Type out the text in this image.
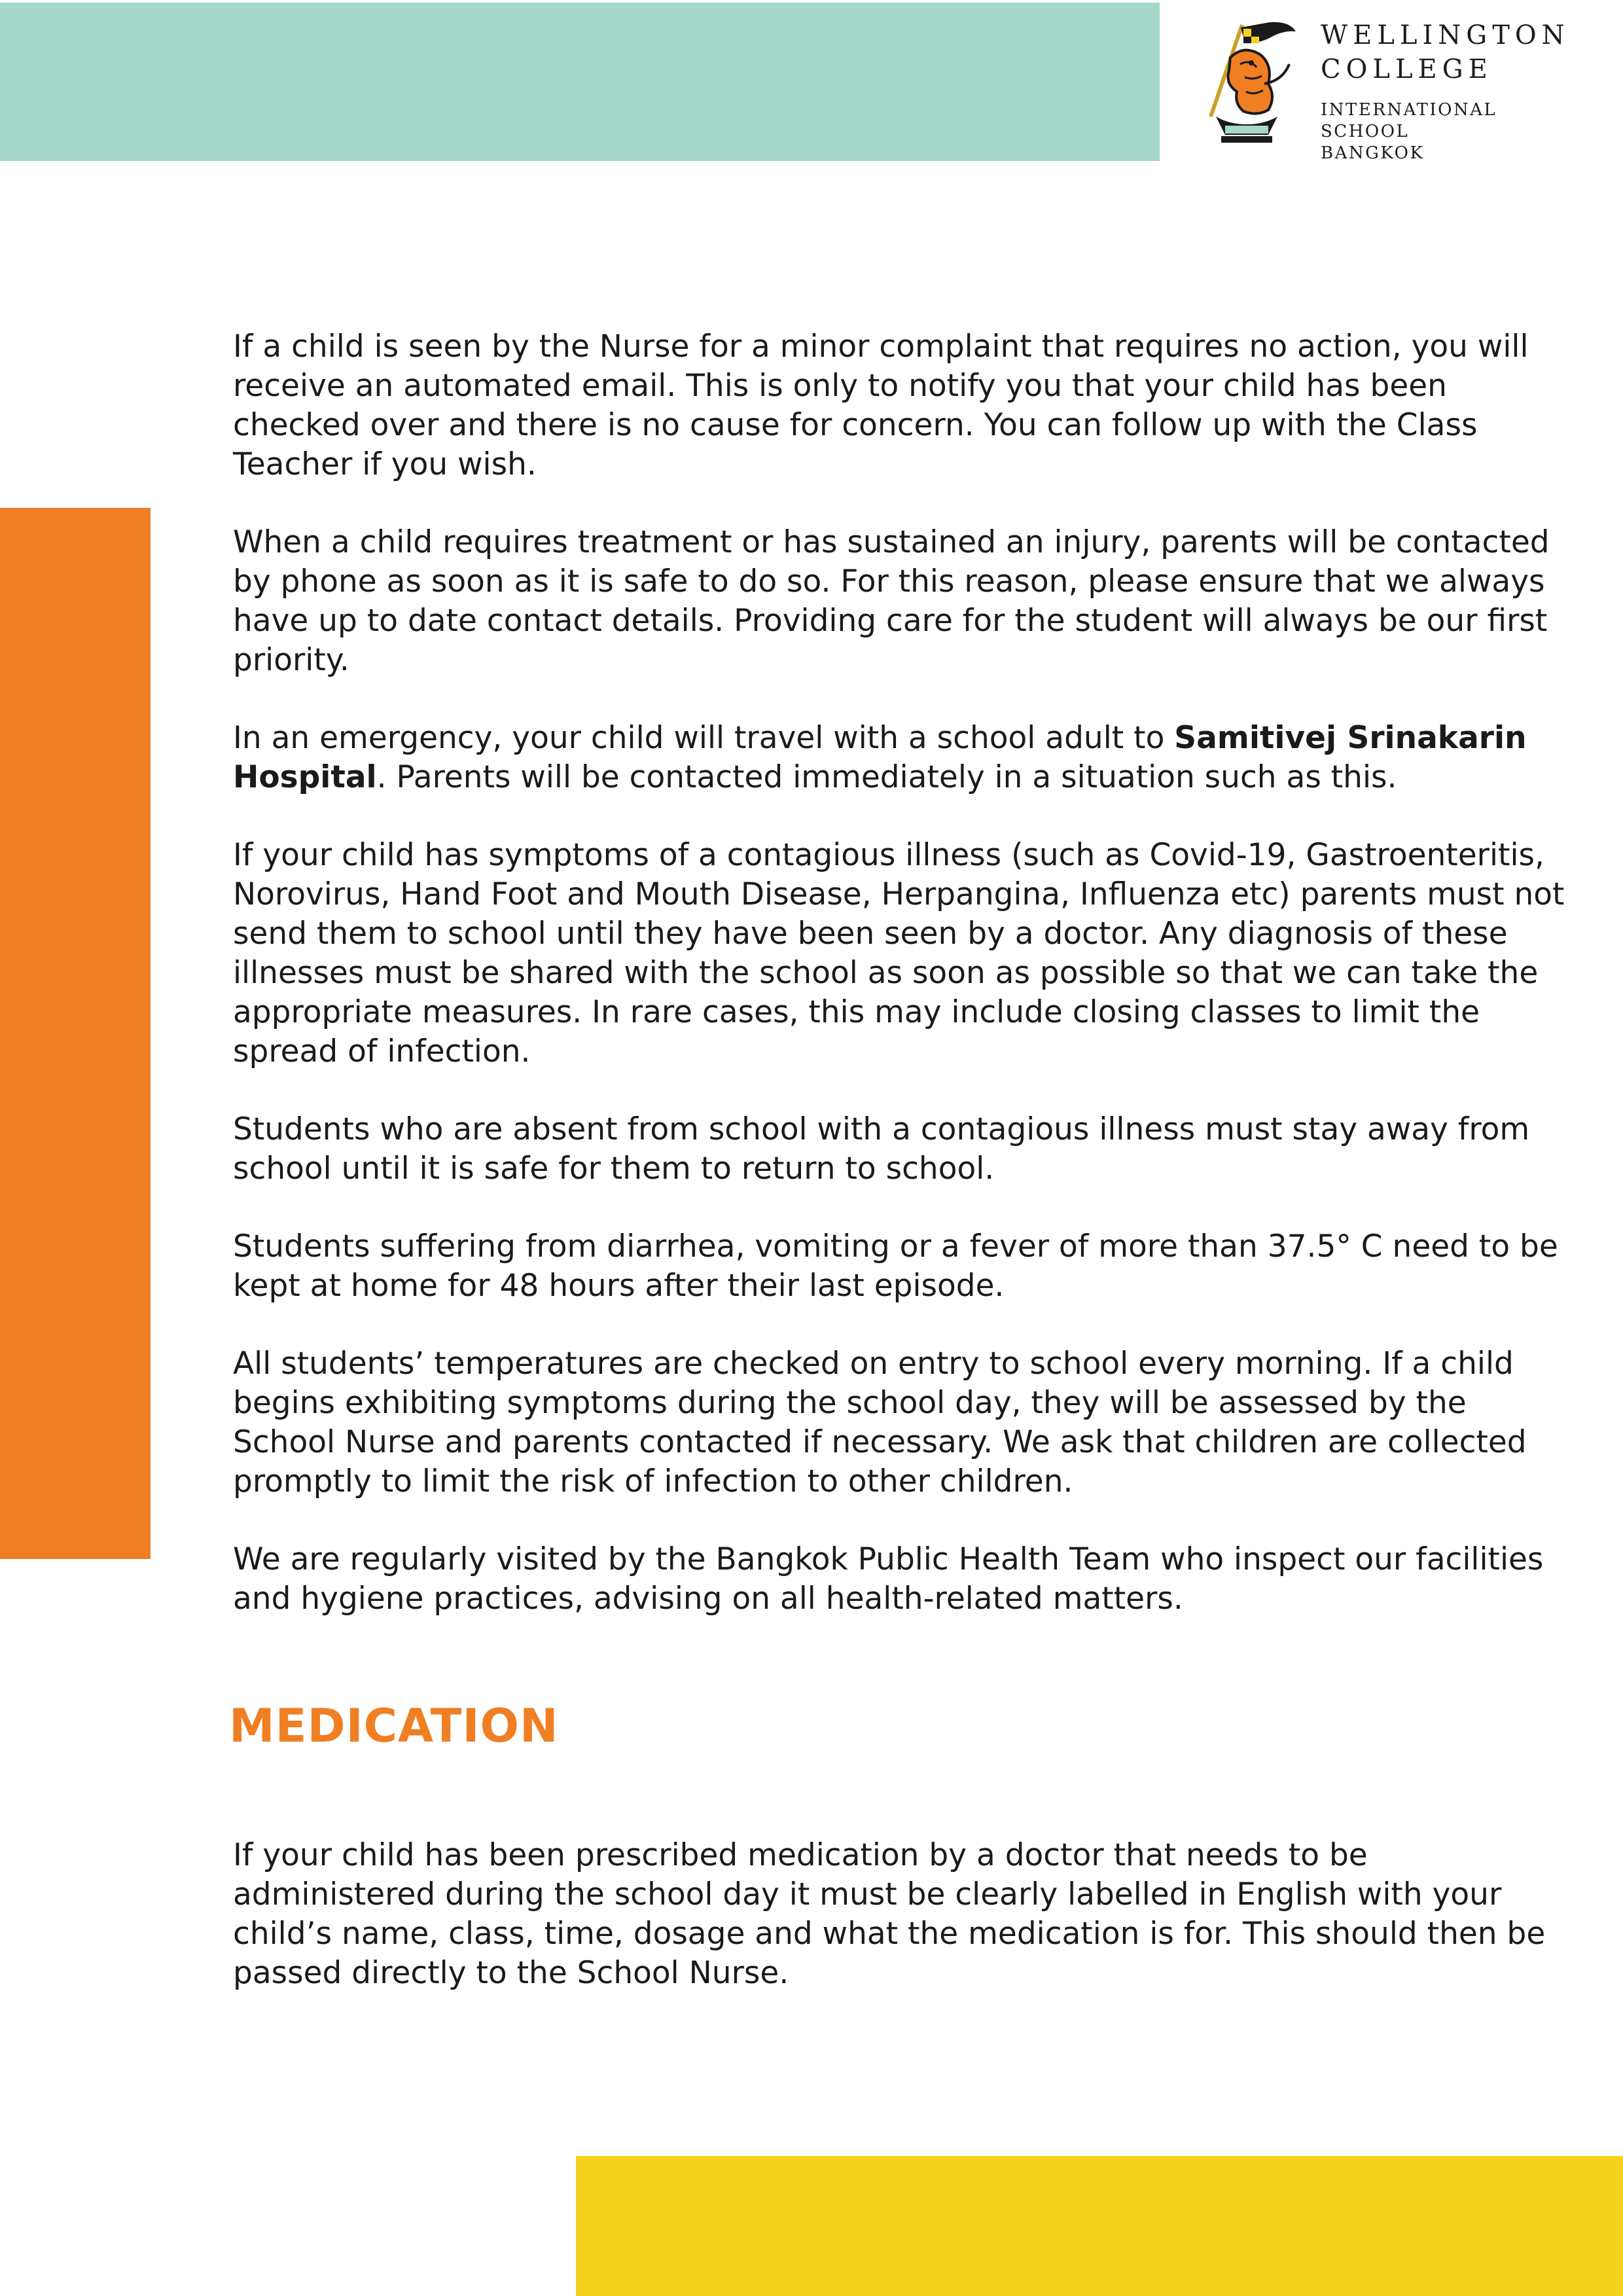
WELLINGTON
COLLEGE
INTERNATIONAL SCHOOL
BANGKOK

If a child is seen by the Nurse for a minor complaint that requires no action, you will receive an automated email. This is only to notify you that your child has been checked over and there is no cause for concern. You can follow up with the Class Teacher if you wish.

When a child requires treatment or has sustained an injury, parents will be contacted by phone as soon as it is safe to do so. For this reason, please ensure that we always have up to date contact details. Providing care for the student will always be our first priority.

In an emergency, your child will travel with a school adult to Samitivej Srinakarin Hospital. Parents will be contacted immediately in a situation such as this.

If your child has symptoms of a contagious illness (such as Covid-19, Gastroenteritis, Norovirus, Hand Foot and Mouth Disease, Herpangina, Influenza etc) parents must not send them to school until they have been seen by a doctor. Any diagnosis of these illnesses must be shared with the school as soon as possible so that we can take the appropriate measures. In rare cases, this may include closing classes to limit the spread of infection.

Students who are absent from school with a contagious illness must stay away from school until it is safe for them to return to school.

Students suffering from diarrhea, vomiting or a fever of more than 37.5° C need to be kept at home for 48 hours after their last episode.

All students’ temperatures are checked on entry to school every morning. If a child begins exhibiting symptoms during the school day, they will be assessed by the School Nurse and parents contacted if necessary. We ask that children are collected promptly to limit the risk of infection to other children.

We are regularly visited by the Bangkok Public Health Team who inspect our facilities and hygiene practices, advising on all health-related matters.

MEDICATION

If your child has been prescribed medication by a doctor that needs to be administered during the school day it must be clearly labelled in English with your child’s name, class, time, dosage and what the medication is for. This should then be passed directly to the School Nurse.
